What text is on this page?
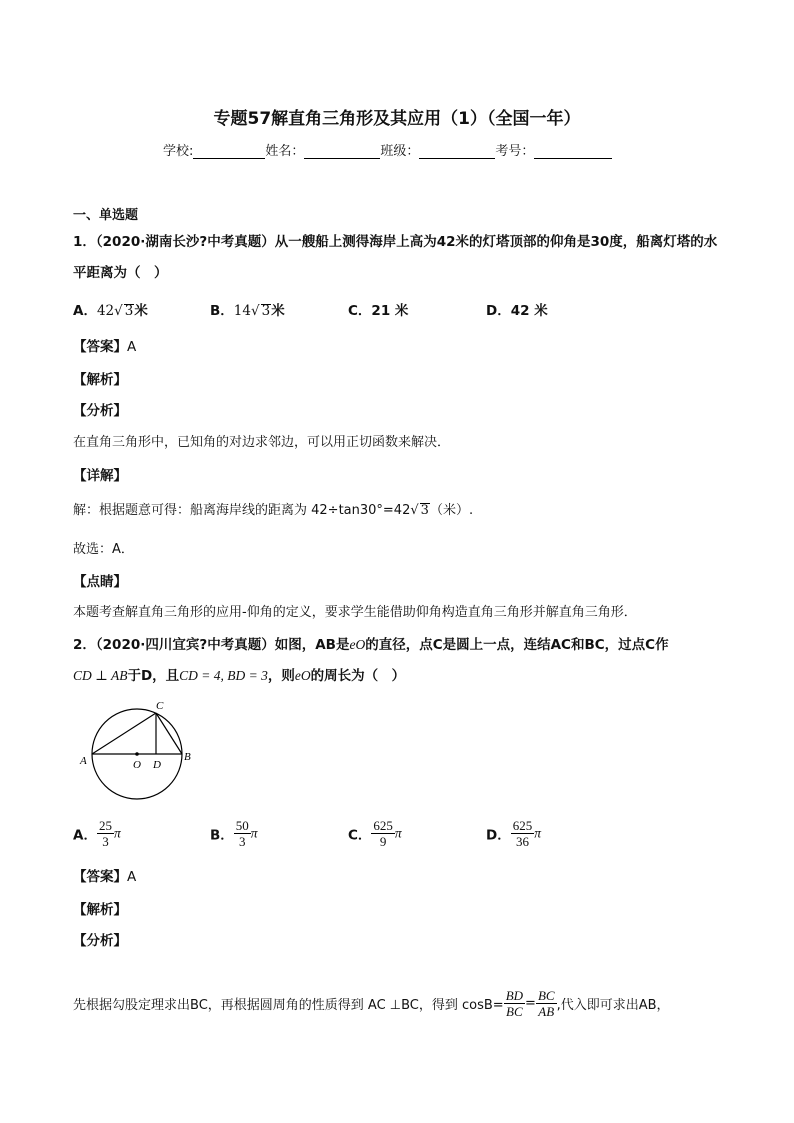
专题57解直角三角形及其应用（1）（全国一年）
学校:	姓名：	班级：	考号：
一、单选题
1．（2020·湖南长沙?中考真题）从一艘船上测得海岸上高为42米的灯塔顶部的仰角是30度，船离灯塔的水
平距离为（　）
A．42√ 3米	B．14√ 3米	C．21 米	D．42 米
【答案】A
【解析】
【分析】
在直角三角形中，已知角的对边求邻边，可以用正切函数来解决．
【详解】
解：根据题意可得：船离海岸线的距离为 42÷tan30°=42√ 3（米）.
故选：A．
【点睛】
本题考查解直角三角形的应用-仰角的定义，要求学生能借助仰角构造直角三角形并解直角三角形．
2．（2020·四川宜宾?中考真题）如图，AB是eO的直径，点C是圆上一点，连结AC和BC，过点C作
CD ⊥ AB于D，且CD = 4, BD = 3，则eO的周长为（　）
A	B
C
D
O
A． $\frac{25}{3}$ π	B． $\frac{50}{3}$ π	C． $\frac{625}{9}$ π	D． $\frac{625}{36}$ π
【答案】A
【解析】
【分析】
先根据勾股定理求出BC，再根据圆周角的性质得到 AC ⊥BC，得到 $\cos B= \frac{BD}{BC} = \frac{BC}{AB}$ ,代入即可求出AB，
